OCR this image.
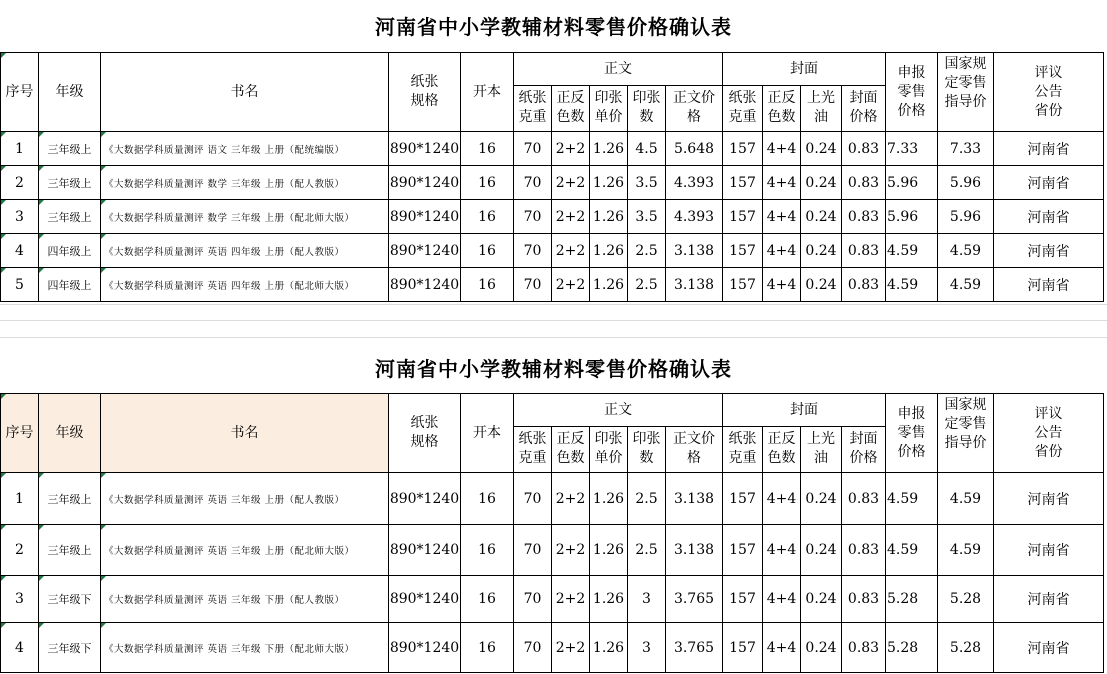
河南省中小学教辅材料零售价格确认表
序号	年级	书名	纸张规格	开本	正文					封面				申报零售价格	国家规定零售指导价	评议公告省份

					纸张克重	正反色数	印张单价	印张数	正文价格	纸张克重	正反色数	上光油	封面价格			

1	三年级上	《大数据学科质量测评 语文 三年级 上册（配统编版）	890*1240	16	70	2+2	1.26	4.5	5.648	157	4+4	0.24	0.83	7.33	7.33	河南省
2	三年级上	《大数据学科质量测评 数学 三年级 上册（配人教版）	890*1240	16	70	2+2	1.26	3.5	4.393	157	4+4	0.24	0.83	5.96	5.96	河南省
3	三年级上	《大数据学科质量测评 数学 三年级 上册（配北师大版）	890*1240	16	70	2+2	1.26	3.5	4.393	157	4+4	0.24	0.83	5.96	5.96	河南省
4	四年级上	《大数据学科质量测评 英语 四年级 上册（配人教版）	890*1240	16	70	2+2	1.26	2.5	3.138	157	4+4	0.24	0.83	4.59	4.59	河南省
5	四年级上	《大数据学科质量测评 英语 四年级 上册（配北师大版）	890*1240	16	70	2+2	1.26	2.5	3.138	157	4+4	0.24	0.83	4.59	4.59	河南省
河南省中小学教辅材料零售价格确认表
序号	年级	书名	纸张规格	开本	正文					封面				申报零售价格	国家规定零售指导价	评议公告省份

					纸张克重	正反色数	印张单价	印张数	正文价格	纸张克重	正反色数	上光油	封面价格			

1	三年级上	《大数据学科质量测评 英语 三年级 上册（配人教版）	890*1240	16	70	2+2	1.26	2.5	3.138	157	4+4	0.24	0.83	4.59	4.59	河南省
2	三年级上	《大数据学科质量测评 英语 三年级 上册（配北师大版）	890*1240	16	70	2+2	1.26	2.5	3.138	157	4+4	0.24	0.83	4.59	4.59	河南省
3	三年级下	《大数据学科质量测评 英语 三年级 下册（配人教版）	890*1240	16	70	2+2	1.26	3	3.765	157	4+4	0.24	0.83	5.28	5.28	河南省
4	三年级下	《大数据学科质量测评 英语 三年级 下册（配北师大版）	890*1240	16	70	2+2	1.26	3	3.765	157	4+4	0.24	0.83	5.28	5.28	河南省
